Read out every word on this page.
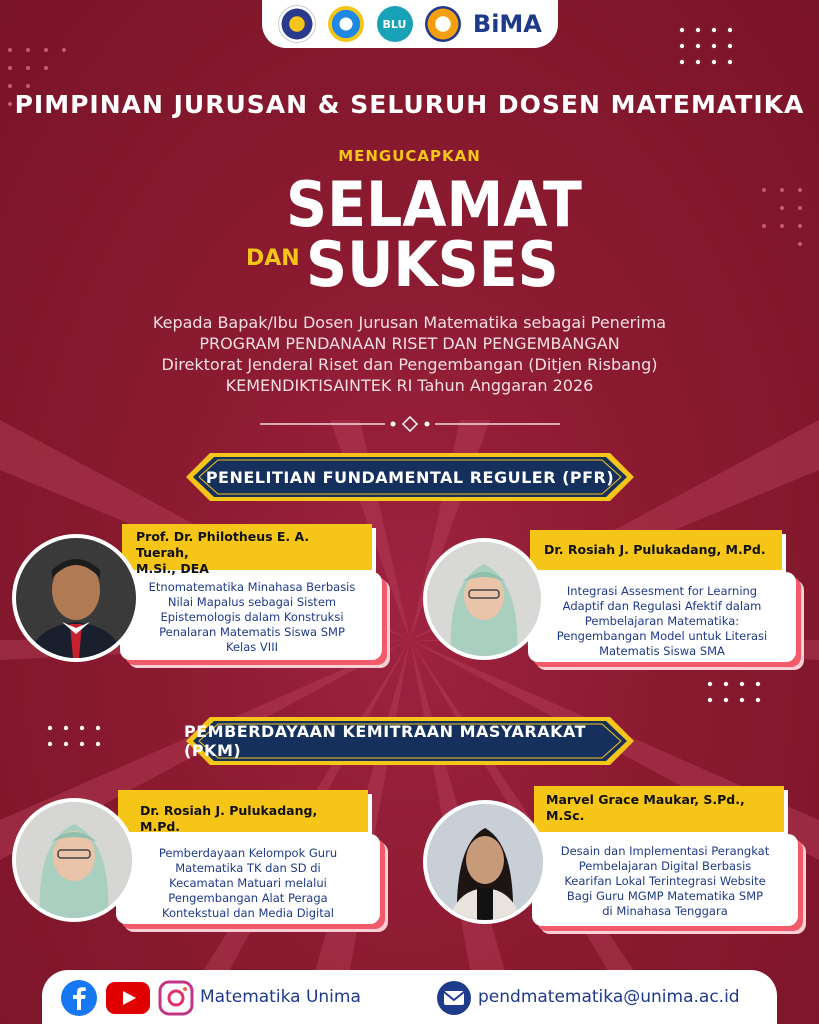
BLU	BiMA
PIMPINAN JURUSAN & SELURUH DOSEN MATEMATIKA
MENGUCAPKAN
SELAMAT
DAN SUKSES
Kepada Bapak/Ibu Dosen Jurusan Matematika sebagai Penerima
PROGRAM PENDANAAN RISET DAN PENGEMBANGAN
Direktorat Jenderal Riset dan Pengembangan (Ditjen Risbang)
KEMENDIKTISAINTEK RI Tahun Anggaran 2026
PENELITIAN FUNDAMENTAL REGULER (PFR)
Etnomatematika Minahasa Berbasis
Nilai Mapalus sebagai Sistem
Epistemologis dalam Konstruksi
Penalaran Matematis Siswa SMP
Kelas VIII
Prof. Dr. Philotheus E. A. Tuerah,
M.Si., DEA
Integrasi Assesment for Learning
Adaptif dan Regulasi Afektif dalam
Pembelajaran Matematika:
Pengembangan Model untuk Literasi
Matematis Siswa SMA
Dr. Rosiah J. Pulukadang, M.Pd.
PEMBERDAYAAN KEMITRAAN MASYARAKAT (PKM)
Pemberdayaan Kelompok Guru
Matematika TK dan SD di
Kecamatan Matuari melalui
Pengembangan Alat Peraga
Kontekstual dan Media Digital
Dr. Rosiah J. Pulukadang, M.Pd.
Desain dan Implementasi Perangkat
Pembelajaran Digital Berbasis
Kearifan Lokal Terintegrasi Website
Bagi Guru MGMP Matematika SMP
di Minahasa Tenggara
Marvel Grace Maukar, S.Pd.,
M.Sc.
Matematika Unima	pendmatematika@unima.ac.id
